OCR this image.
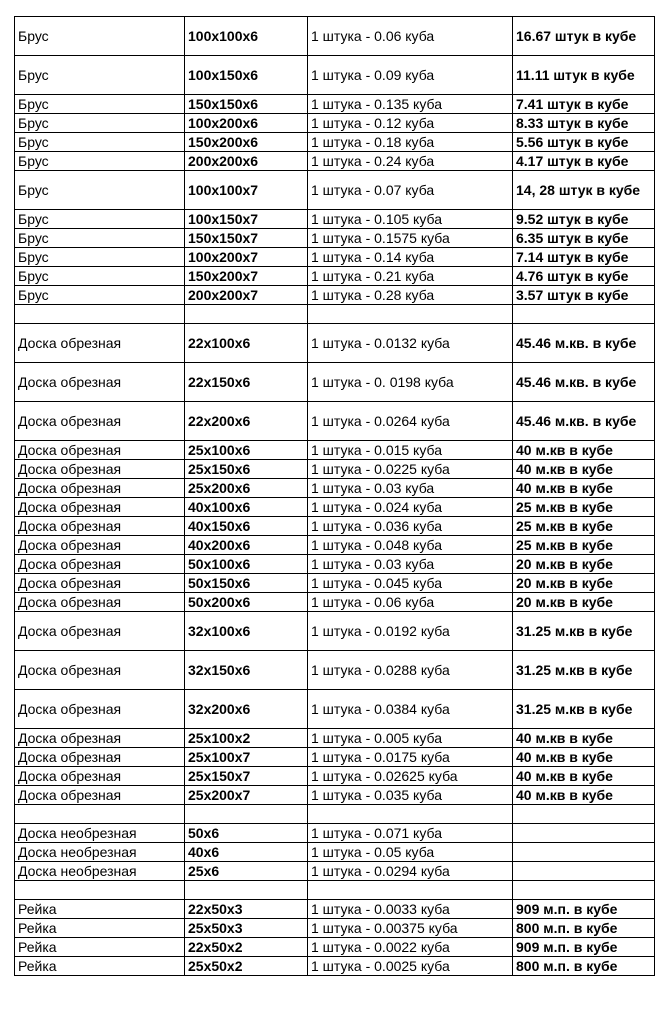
Брус	100x100x6	1 штука - 0.06 куба	16.67 штук в кубе
Брус	100x150x6	1 штука - 0.09 куба	11.11 штук в кубе
Брус	150x150x6	1 штука - 0.135 куба	7.41 штук в кубе
Брус	100x200x6	1 штука - 0.12 куба	8.33 штук в кубе
Брус	150x200x6	1 штука - 0.18 куба	5.56 штук в кубе
Брус	200x200x6	1 штука - 0.24 куба	4.17 штук в кубе
Брус	100x100x7	1 штука - 0.07 куба	14, 28 штук в кубе
Брус	100x150x7	1 штука - 0.105 куба	9.52 штук в кубе
Брус	150x150x7	1 штука - 0.1575 куба	6.35 штук в кубе
Брус	100x200x7	1 штука - 0.14 куба	7.14 штук в кубе
Брус	150x200x7	1 штука - 0.21 куба	4.76 штук в кубе
Брус	200x200x7	1 штука - 0.28 куба	3.57 штук в кубе

Доска обрезная	22x100x6	1 штука - 0.0132 куба	45.46 м.кв. в кубе
Доска обрезная	22x150x6	1 штука - 0. 0198 куба	45.46 м.кв. в кубе
Доска обрезная	22x200x6	1 штука - 0.0264 куба	45.46 м.кв. в кубе
Доска обрезная	25x100x6	1 штука - 0.015 куба	40 м.кв в кубе
Доска обрезная	25x150x6	1 штука - 0.0225 куба	40 м.кв в кубе
Доска обрезная	25x200x6	1 штука - 0.03 куба	40 м.кв в кубе
Доска обрезная	40x100x6	1 штука - 0.024 куба	25 м.кв в кубе
Доска обрезная	40x150x6	1 штука - 0.036 куба	25 м.кв в кубе
Доска обрезная	40x200x6	1 штука - 0.048 куба	25 м.кв в кубе
Доска обрезная	50x100x6	1 штука - 0.03 куба	20 м.кв в кубе
Доска обрезная	50x150x6	1 штука - 0.045 куба	20 м.кв в кубе
Доска обрезная	50x200x6	1 штука - 0.06 куба	20 м.кв в кубе
Доска обрезная	32x100x6	1 штука - 0.0192 куба	31.25 м.кв в кубе
Доска обрезная	32x150x6	1 штука - 0.0288 куба	31.25 м.кв в кубе
Доска обрезная	32x200x6	1 штука - 0.0384 куба	31.25 м.кв в кубе
Доска обрезная	25x100x2	1 штука - 0.005 куба	40 м.кв в кубе
Доска обрезная	25x100x7	1 штука - 0.0175 куба	40 м.кв в кубе
Доска обрезная	25x150x7	1 штука - 0.02625 куба	40 м.кв в кубе
Доска обрезная	25x200x7	1 штука - 0.035 куба	40 м.кв в кубе

Доска необрезная	50x6	1 штука - 0.071 куба	
Доска необрезная	40x6	1 штука - 0.05 куба	
Доска необрезная	25x6	1 штука - 0.0294 куба	

Рейка	22x50x3	1 штука - 0.0033 куба	909 м.п. в кубе
Рейка	25x50x3	1 штука - 0.00375 куба	800 м.п. в кубе
Рейка	22x50x2	1 штука - 0.0022 куба	909 м.п. в кубе
Рейка	25x50x2	1 штука - 0.0025 куба	800 м.п. в кубе
